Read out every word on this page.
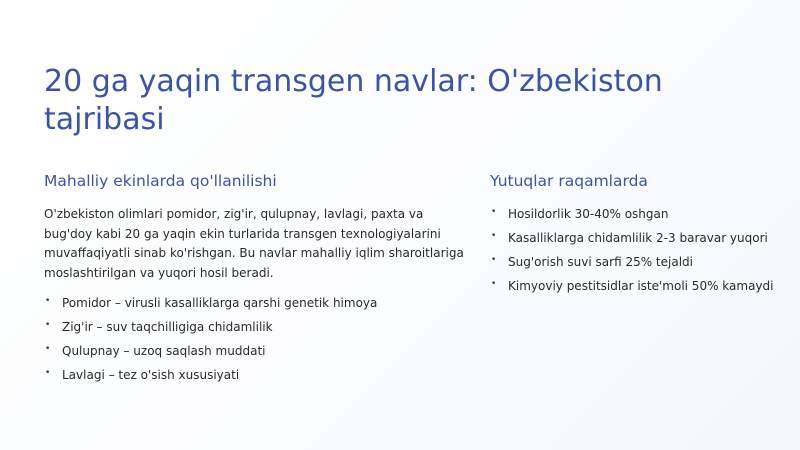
20 ga yaqin transgen navlar: O'zbekiston tajribasi
Mahalliy ekinlarda qo'llanilishi

O'zbekiston olimlari pomidor, zig'ir, qulupnay, lavlagi, paxta va bug'doy kabi 20 ga yaqin ekin turlarida transgen texnologiyalarini muvaffaqiyatli sinab ko'rishgan. Bu navlar mahalliy iqlim sharoitlariga moslashtirilgan va yuqori hosil beradi.

• Pomidor – virusli kasalliklarga qarshi genetik himoya
• Zig'ir – suv taqchilligiga chidamlilik
• Qulupnay – uzoq saqlash muddati
• Lavlagi – tez o'sish xususiyati
Yutuqlar raqamlarda
• Hosildorlik 30-40% oshgan
• Kasalliklarga chidamlilik 2-3 baravar yuqori
• Sug'orish suvi sarfi 25% tejaldi
• Kimyoviy pestitsidlar iste'moli 50% kamaydi
